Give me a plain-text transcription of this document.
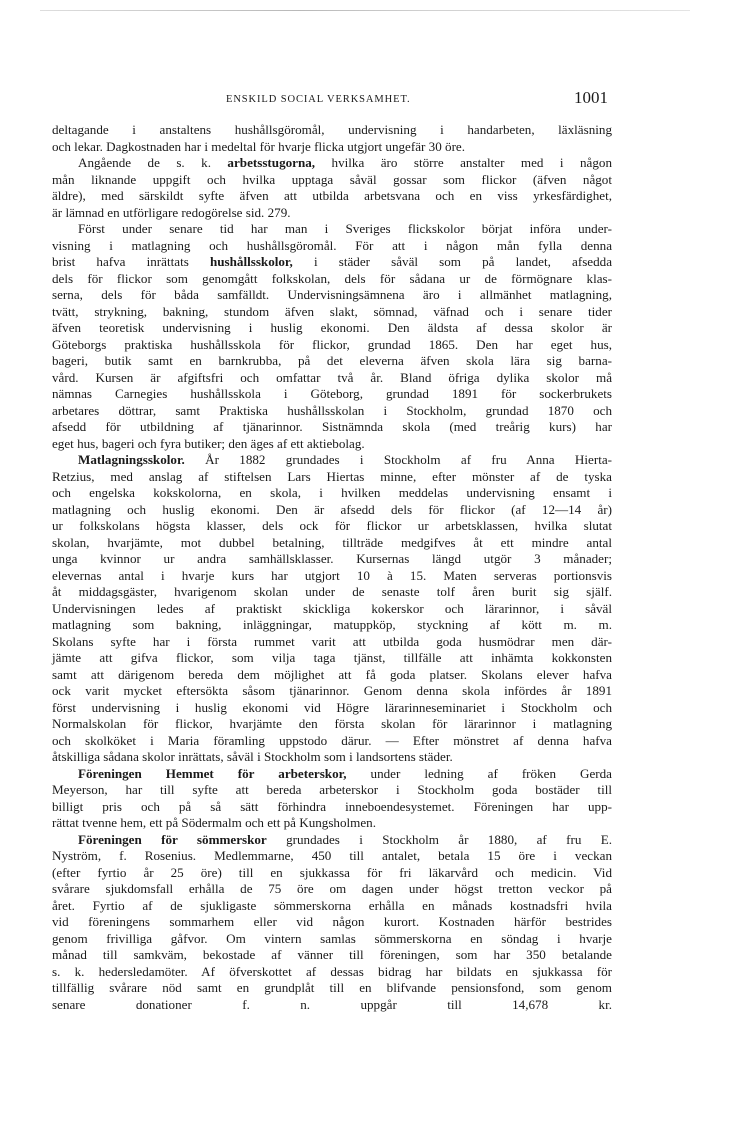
ENSKILD SOCIAL VERKSAMHET.	1001
deltagande i anstaltens hushållsgöromål, undervisning i handarbeten, läxläsning
och lekar. Dagkostnaden har i medeltal för hvarje flicka utgjort ungefär 30 öre.
Angående de s. k. arbetsstugorna, hvilka äro större anstalter med i någon
mån liknande uppgift och hvilka upptaga såväl gossar som flickor (äfven något
äldre), med särskildt syfte äfven att utbilda arbetsvana och en viss yrkesfärdighet,
är lämnad en utförligare redogörelse sid. 279.
Först under senare tid har man i Sveriges flickskolor börjat införa under-
visning i matlagning och hushållsgöromål. För att i någon mån fylla denna
brist hafva inrättats hushållsskolor, i städer såväl som på landet, afsedda
dels för flickor som genomgått folkskolan, dels för sådana ur de förmögnare klas-
serna, dels för båda samfälldt. Undervisningsämnena äro i allmänhet matlagning,
tvätt, strykning, bakning, stundom äfven slakt, sömnad, väfnad och i senare tider
äfven teoretisk undervisning i huslig ekonomi. Den äldsta af dessa skolor är
Göteborgs praktiska hushållsskola för flickor, grundad 1865. Den har eget hus,
bageri, butik samt en barnkrubba, på det eleverna äfven skola lära sig barna-
vård. Kursen är afgiftsfri och omfattar två år. Bland öfriga dylika skolor må
nämnas Carnegies hushållsskola i Göteborg, grundad 1891 för sockerbrukets
arbetares döttrar, samt Praktiska hushållsskolan i Stockholm, grundad 1870 och
afsedd för utbildning af tjänarinnor. Sistnämnda skola (med treårig kurs) har
eget hus, bageri och fyra butiker; den äges af ett aktiebolag.
Matlagningsskolor. År 1882 grundades i Stockholm af fru Anna Hierta-
Retzius, med anslag af stiftelsen Lars Hiertas minne, efter mönster af de tyska
och engelska kokskolorna, en skola, i hvilken meddelas undervisning ensamt i
matlagning och huslig ekonomi. Den är afsedd dels för flickor (af 12—14 år)
ur folkskolans högsta klasser, dels ock för flickor ur arbetsklassen, hvilka slutat
skolan, hvarjämte, mot dubbel betalning, tillträde medgifves åt ett mindre antal
unga kvinnor ur andra samhällsklasser. Kursernas längd utgör 3 månader;
elevernas antal i hvarje kurs har utgjort 10 à 15. Maten serveras portionsvis
åt middagsgäster, hvarigenom skolan under de senaste tolf åren burit sig själf.
Undervisningen ledes af praktiskt skickliga kokerskor och lärarinnor, i såväl
matlagning som bakning, inläggningar, matuppköp, styckning af kött m. m.
Skolans syfte har i första rummet varit att utbilda goda husmödrar men där-
jämte att gifva flickor, som vilja taga tjänst, tillfälle att inhämta kokkonsten
samt att därigenom bereda dem möjlighet att få goda platser. Skolans elever hafva
ock varit mycket eftersökta såsom tjänarinnor. Genom denna skola infördes år 1891
först undervisning i huslig ekonomi vid Högre lärarinneseminariet i Stockholm och
Normalskolan för flickor, hvarjämte den första skolan för lärarinnor i matlagning
och skolköket i Maria föramling uppstodo därur. — Efter mönstret af denna hafva
åtskilliga sådana skolor inrättats, såväl i Stockholm som i landsortens städer.
Föreningen Hemmet för arbeterskor, under ledning af fröken Gerda
Meyerson, har till syfte att bereda arbeterskor i Stockholm goda bostäder till
billigt pris och på så sätt förhindra inneboendesystemet. Föreningen har upp-
rättat tvenne hem, ett på Södermalm och ett på Kungsholmen.
Föreningen för sömmerskor grundades i Stockholm år 1880, af fru E.
Nyström, f. Rosenius. Medlemmarne, 450 till antalet, betala 15 öre i veckan
(efter fyrtio år 25 öre) till en sjukkassa för fri läkarvård och medicin. Vid
svårare sjukdomsfall erhålla de 75 öre om dagen under högst tretton veckor på
året. Fyrtio af de sjukligaste sömmerskorna erhålla en månads kostnadsfri hvila
vid föreningens sommarhem eller vid någon kurort. Kostnaden härför bestrides
genom frivilliga gåfvor. Om vintern samlas sömmerskorna en söndag i hvarje
månad till samkväm, bekostade af vänner till föreningen, som har 350 betalande
s. k. hedersledamöter. Af öfverskottet af dessas bidrag har bildats en sjukkassa för
tillfällig svårare nöd samt en grundplåt till en blifvande pensionsfond, som genom
senare donationer f. n. uppgår till 14,678 kr.
